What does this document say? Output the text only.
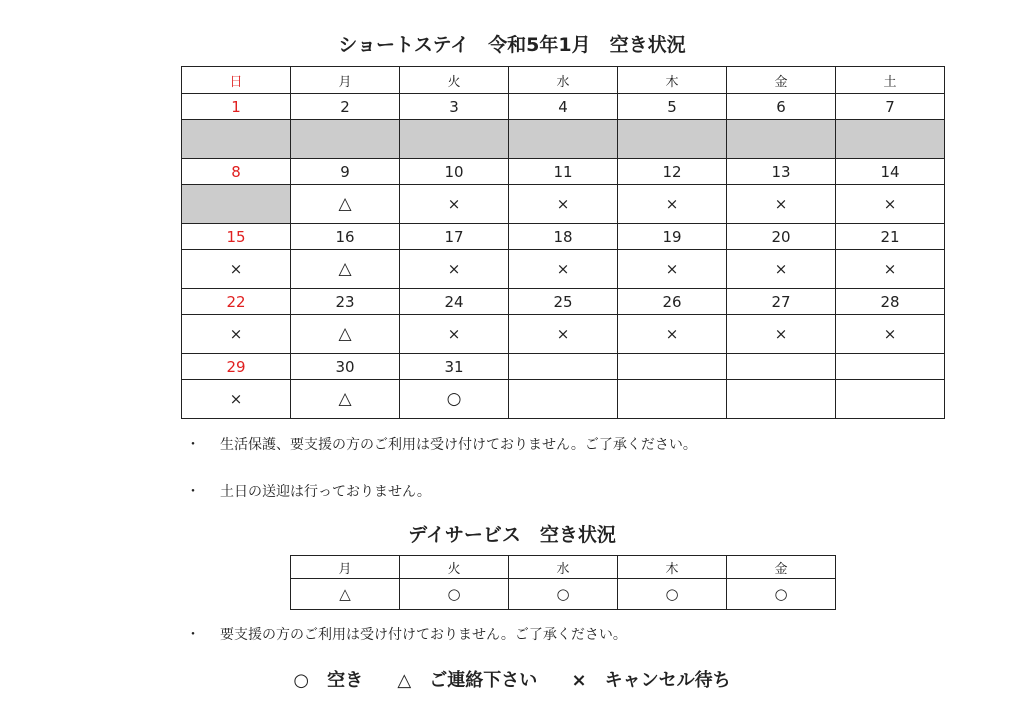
ショートステイ　令和5年1月　空き状況
日	月	火	水	木	金	土
1	2	3	4	5	6	7

8	9	10	11	12	13	14
	△	×	×	×	×	×
15	16	17	18	19	20	21
×	△	×	×	×	×	×
22	23	24	25	26	27	28
×	△	×	×	×	×	×
29	30	31				
×	△	○				
・ 生活保護、要支援の方のご利用は受け付けておりません。ご了承ください。
・ 土日の送迎は行っておりません。
デイサービス　空き状況
月	火	水	木	金
△	○	○	○	○
・ 要支援の方のご利用は受け付けておりません。ご了承ください。
○ 空き △ ご連絡下さい × キャンセル待ち
